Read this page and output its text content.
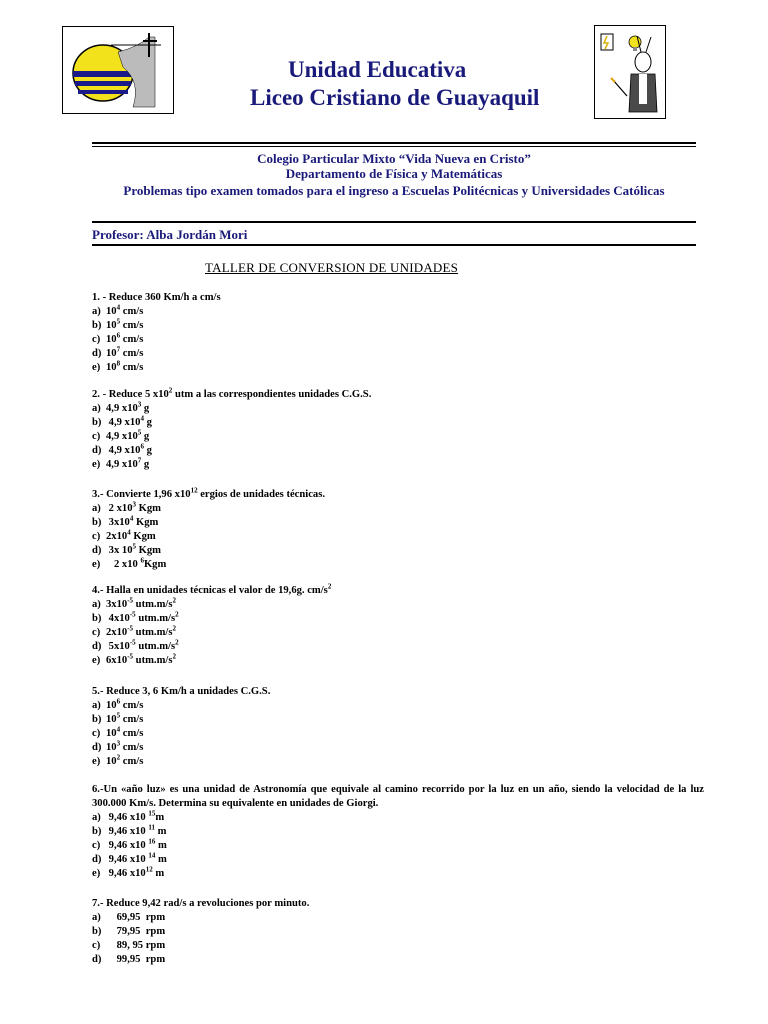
Unidad Educativa
Liceo Cristiano de Guayaquil
Colegio Particular Mixto “Vida Nueva en Cristo”
Departamento de Física y Matemáticas
Problemas tipo examen tomados para el ingreso a Escuelas Politécnicas y Universidades Católicas
Profesor: Alba Jordán Mori
TALLER DE CONVERSION DE UNIDADES
1. - Reduce 360 Km/h a cm/s
a) $10^4$ cm/s
b) $10^5$ cm/s
c) $10^6$ cm/s
d) $10^7$ cm/s
e) $10^8$ cm/s
2. - Reduce 5 $x10^2$ utm a las correspondientes unidades C.G.S.
a) 4,9 $x10^3$ g
b) 4,9 $x10^4$ g
c) 4,9 $x10^5$ g
d) 4,9 $x10^6$ g
e) 4,9 $x10^7$ g
3.- Convierte 1,96 $x10^{12}$ ergios de unidades técnicas.
a) 2 $x10^3$ Kgm
b) $3x10^4$ Kgm
c) $2x10^4$ Kgm
d) 3x $10^5$ Kgm
e)   2 x10 $^6$Kgm
4.- Halla en unidades técnicas el valor de 19,6g. $cm/s^2$
a) $3x10^{-5}$ $utm.m/s^2$
b) $4x10^{-5}$ $utm.m/s^2$
c) $2x10^{-5}$ $utm.m/s^2$
d) $5x10^{-5}$ $utm.m/s^2$
e) $6x10^{-5}$ $utm.m/s^2$
5.- Reduce 3, 6 Km/h a unidades C.G.S.
a) $10^6$ cm/s
b) $10^5$ cm/s
c) $10^4$ cm/s
d) $10^3$ cm/s
e) $10^2$ cm/s
6.-Un «año luz» es una unidad de Astronomía que equivale al camino recorrido por la luz en un año, siendo la velocidad de la luz 300.000 Km/s. Determina su equivalente en unidades de Giorgi.
a) 9,46 x10 $^{15}$m
b) 9,46 x10 $^{11}$ m
c) 9,46 x10 $^{16}$ m
d) 9,46 x10 $^{14}$ m
e) 9,46 $x10^{12}$ m
7.- Reduce 9,42 rad/s a revoluciones por minuto.
a)    69,95  rpm
b)    79,95  rpm
c)    89, 95 rpm
d)    99,95  rpm
